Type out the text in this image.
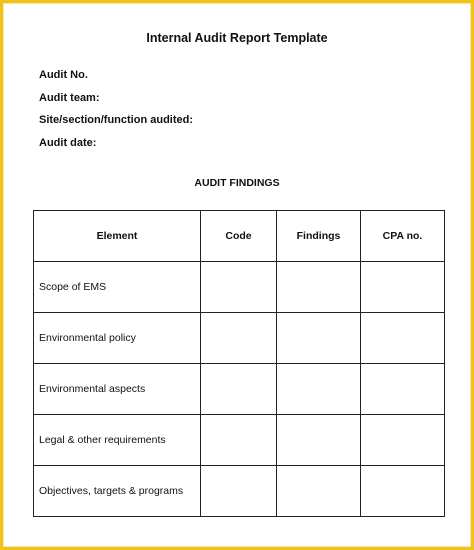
Internal Audit Report Template
Audit No.
Audit team:
Site/section/function audited:
Audit date:
AUDIT FINDINGS
Element	Code	Findings	CPA no.
Scope of EMS			
Environmental policy			
Environmental aspects			
Legal & other requirements			
Objectives, targets & programs			
